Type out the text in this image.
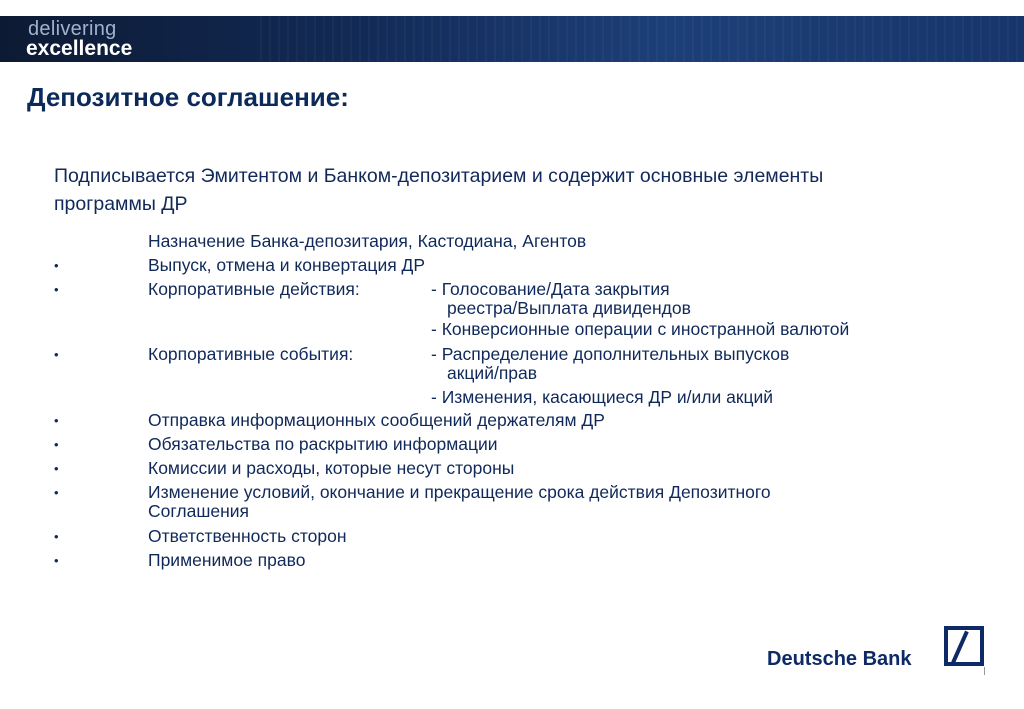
delivering
excellence
Депозитное соглашение:
Подписывается Эмитентом и Банком-депозитарием и содержит основные элементы программы ДР
Назначение Банка-депозитария, Кастодиана, Агентов
•	Выпуск, отмена и конвертация ДР
•	Корпоративные действия:	- Голосование/Дата закрытия
реестра/Выплата дивидендов
- Конверсионные операции с иностранной валютой
•	Корпоративные события:	- Распределение дополнительных выпусков
акций/прав
- Изменения, касающиеся ДР и/или акций
•	Отправка информационных сообщений держателям ДР
•	Обязательства по раскрытию информации
•	Комиссии и расходы, которые несут стороны
•	Изменение условий, окончание и прекращение срока действия Депозитного
Соглашения
•	Ответственность сторон
•	Применимое право
Deutsche Bank
